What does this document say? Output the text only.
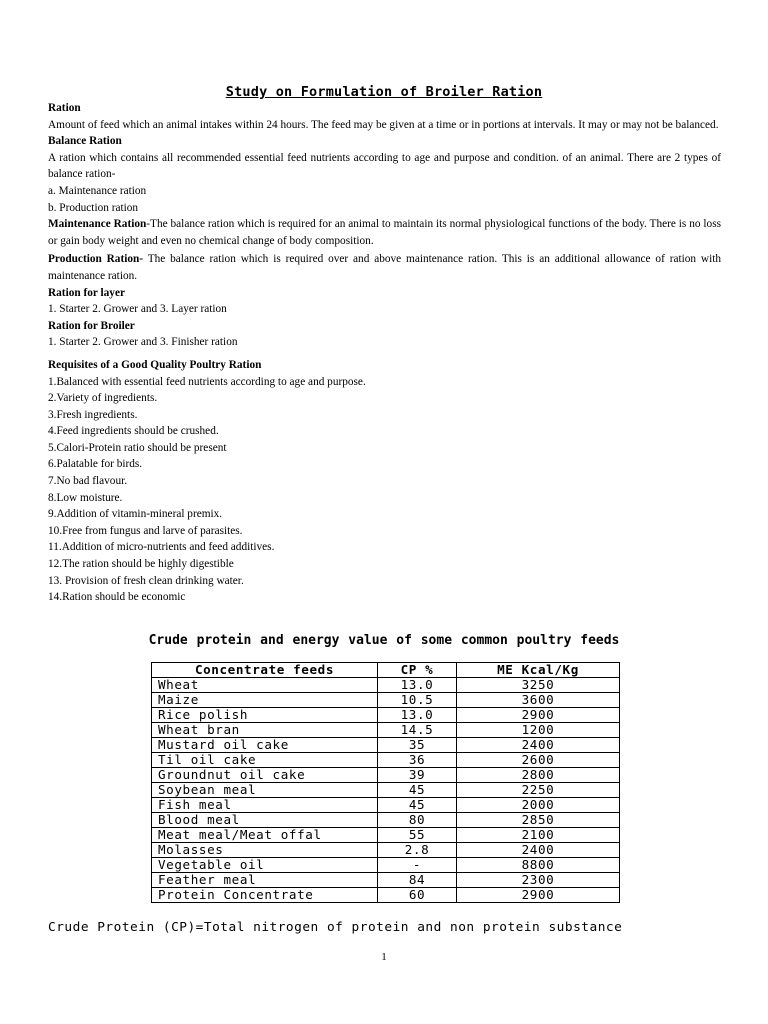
Study on Formulation of Broiler Ration

Ration

Amount of feed which an animal intakes within 24 hours. The feed may be given at a time or in portions at intervals. It may or may not be balanced.

Balance Ration

A ration which contains all recommended essential feed nutrients according to age and purpose and condition. of an animal. There are 2 types of balance ration-

a. Maintenance ration

b. Production ration

Maintenance Ration-The balance ration which is required for an animal to maintain its normal physiological functions of the body. There is no loss or gain body weight and even no chemical change of body composition.

Production Ration- The balance ration which is required over and above maintenance ration. This is an additional allowance of ration with maintenance ration.

Ration for layer

1. Starter 2. Grower and 3. Layer ration

Ration for Broiler

1. Starter 2. Grower and 3. Finisher ration

Requisites of a Good Quality Poultry Ration

1.Balanced with essential feed nutrients according to age and purpose.

2.Variety of ingredients.

3.Fresh ingredients.

4.Feed ingredients should be crushed.

5.Calori-Protein ratio should be present

6.Palatable for birds.

7.No bad flavour.

8.Low moisture.

9.Addition of vitamin-mineral premix.

10.Free from fungus and larve of parasites.

11.Addition of micro-nutrients and feed additives.

12.The ration should be highly digestible

13. Provision of fresh clean drinking water.

14.Ration should be economic

Crude protein and energy value of some common poultry feeds
Concentrate feeds	CP %	ME Kcal/Kg
Wheat	13.0	3250
Maize	10.5	3600
Rice polish	13.0	2900
Wheat bran	14.5	1200
Mustard oil cake	35	2400
Til oil cake	36	2600
Groundnut oil cake	39	2800
Soybean meal	45	2250
Fish meal	45	2000
Blood meal	80	2850
Meat meal/Meat offal	55	2100
Molasses	2.8	2400
Vegetable oil	-	8800
Feather meal	84	2300
Protein Concentrate	60	2900
Crude Protein (CP)=Total nitrogen of protein and non protein substance
1
